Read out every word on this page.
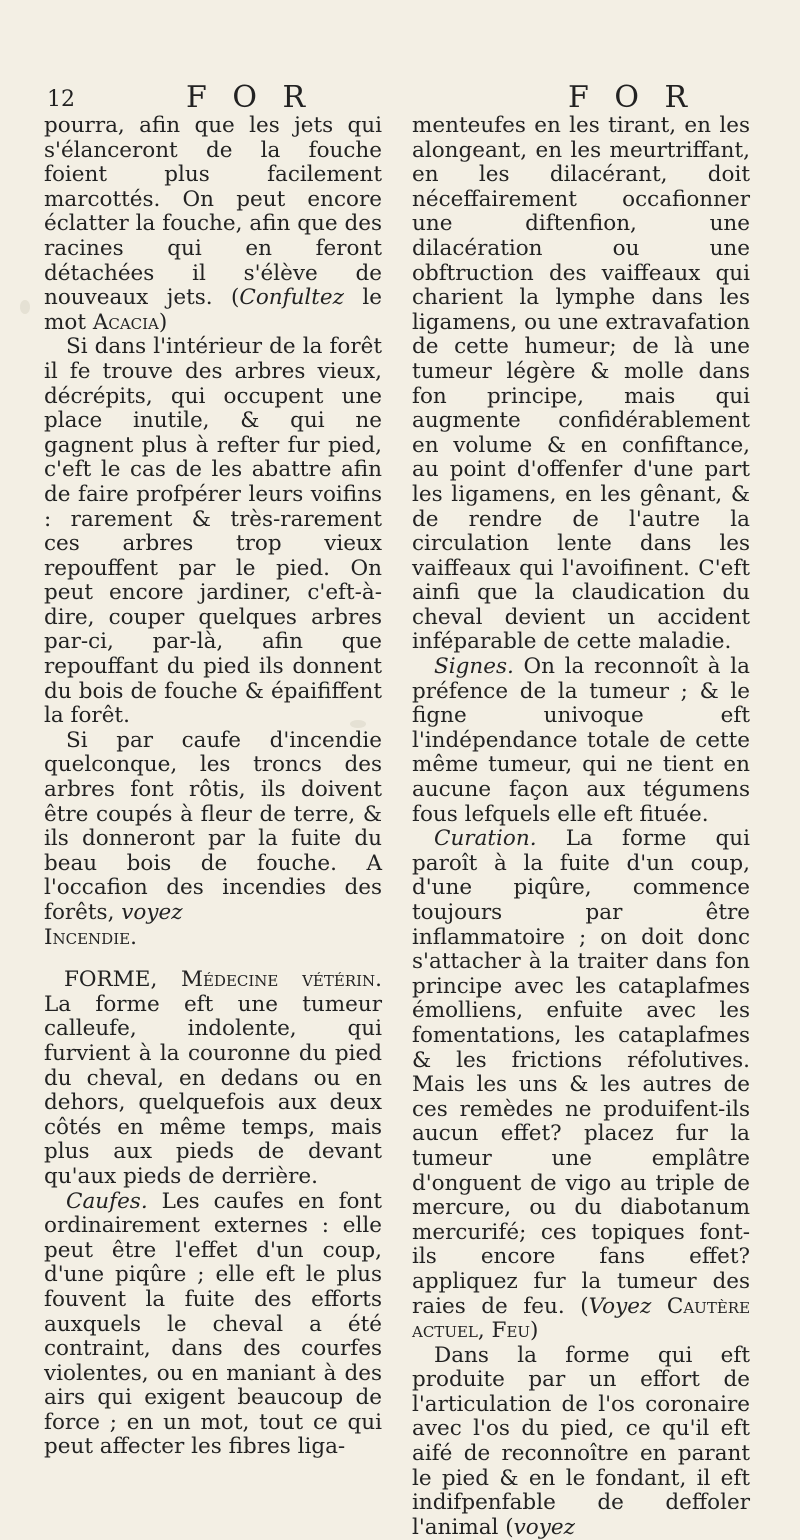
12	F O R	F O R

pourra, afin que les jets qui s'élanceront de la fouche foient plus facilement marcottés. On peut encore éclatter la fouche, afin que des racines qui en feront détachées il s'élève de nouveaux jets. (Confultez le mot Acacia)

Si dans l'intérieur de la forêt il fe trouve des arbres vieux, décrépits, qui occupent une place inutile, & qui ne gagnent plus à refter fur pied, c'eft le cas de les abattre afin de faire profpérer leurs voifins : rarement & très-rarement ces arbres trop vieux repouffent par le pied. On peut encore jardiner, c'eft-à-dire, couper quelques arbres par-ci, par-là, afin que repouffant du pied ils donnent du bois de fouche & épaififfent la forêt.

Si par caufe d'incendie quelconque, les troncs des arbres font rôtis, ils doivent être coupés à fleur de terre, & ils donneront par la fuite du beau bois de fouche. A l'occafion des incendies des forêts, voyez
Incendie.

FORME, Médecine vétérin. La forme eft une tumeur calleufe, indolente, qui furvient à la couronne du pied du cheval, en dedans ou en dehors, quelquefois aux deux côtés en même temps, mais plus aux pieds de devant qu'aux pieds de derrière.

Caufes. Les caufes en font ordinairement externes : elle peut être l'effet d'un coup, d'une piqûre ; elle eft le plus fouvent la fuite des efforts auxquels le cheval a été contraint, dans des courfes violentes, ou en maniant à des airs qui exigent beaucoup de force ; en un mot, tout ce qui peut affecter les fibres liga-

menteufes en les tirant, en les alongeant, en les meurtriffant, en les dilacérant, doit néceffairement occafionner une diftenfion, une dilacération ou une obftruction des vaiffeaux qui charient la lymphe dans les ligamens, ou une extravafation de cette humeur; de là une tumeur légère & molle dans fon principe, mais qui augmente confidérablement en volume & en confiftance, au point d'offenfer d'une part les ligamens, en les gênant, & de rendre de l'autre la circulation lente dans les vaiffeaux qui l'avoifinent. C'eft ainfi que la claudication du cheval devient un accident inféparable de cette maladie.

Signes. On la reconnoît à la préfence de la tumeur ; & le figne univoque eft l'indépendance totale de cette même tumeur, qui ne tient en aucune façon aux tégumens fous lefquels elle eft fituée.

Curation. La forme qui paroît à la fuite d'un coup, d'une piqûre, commence toujours par être inflammatoire ; on doit donc s'attacher à la traiter dans fon principe avec les cataplafmes émolliens, enfuite avec les fomentations, les cataplafmes & les frictions réfolutives. Mais les uns & les autres de ces remèdes ne produifent-ils aucun effet? placez fur la tumeur une emplâtre d'onguent de vigo au triple de mercure, ou du diabotanum mercurifé; ces topiques font-ils encore fans effet? appliquez fur la tumeur des raies de feu. (Voyez Cautère actuel, Feu)

Dans la forme qui eft produite par un effort de l'articulation de l'os coronaire avec l'os du pied, ce qu'il eft aifé de reconnoître en parant le pied & en le fondant, il eft indifpenfable de deffoler l'animal (voyez
